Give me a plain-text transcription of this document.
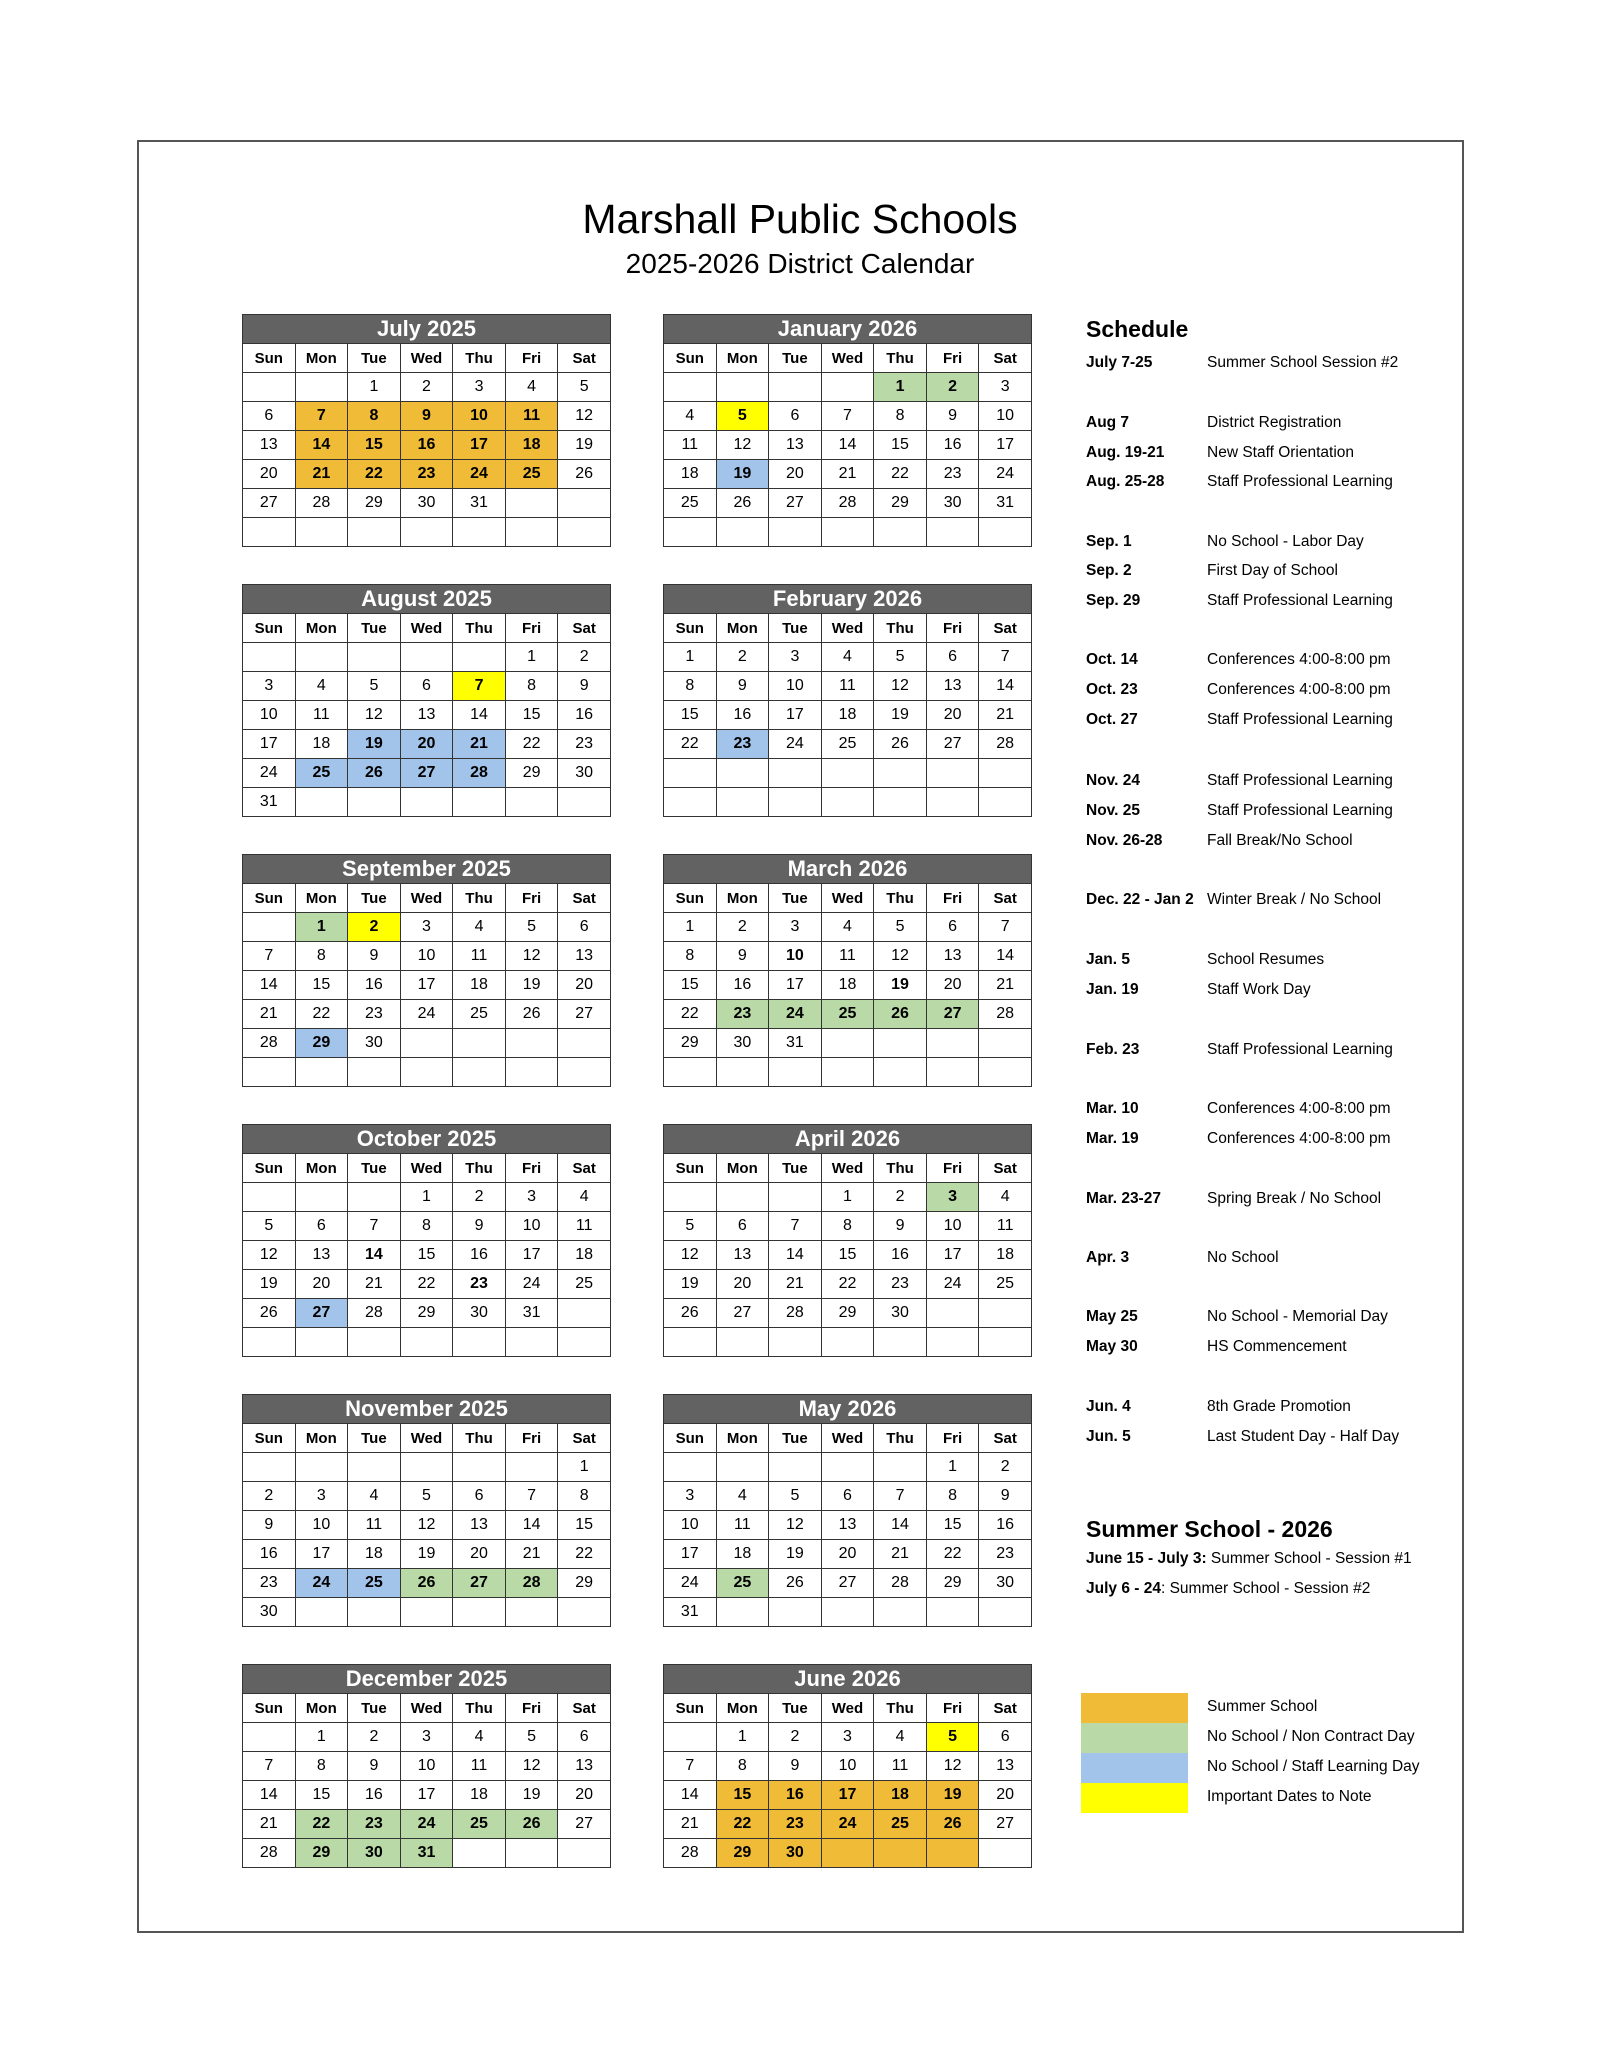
Marshall Public Schools
2025-2026 District Calendar
July 2025						
Sun	Mon	Tue	Wed	Thu	Fri	Sat
		1	2	3	4	5
6	7	8	9	10	11	12
13	14	15	16	17	18	19
20	21	22	23	24	25	26
27	28	29	30	31		

August 2025						
Sun	Mon	Tue	Wed	Thu	Fri	Sat
					1	2
3	4	5	6	7	8	9
10	11	12	13	14	15	16
17	18	19	20	21	22	23
24	25	26	27	28	29	30
31						
September 2025						
Sun	Mon	Tue	Wed	Thu	Fri	Sat
	1	2	3	4	5	6
7	8	9	10	11	12	13
14	15	16	17	18	19	20
21	22	23	24	25	26	27
28	29	30				

October 2025						
Sun	Mon	Tue	Wed	Thu	Fri	Sat
			1	2	3	4
5	6	7	8	9	10	11
12	13	14	15	16	17	18
19	20	21	22	23	24	25
26	27	28	29	30	31	

November 2025						
Sun	Mon	Tue	Wed	Thu	Fri	Sat
						1
2	3	4	5	6	7	8
9	10	11	12	13	14	15
16	17	18	19	20	21	22
23	24	25	26	27	28	29
30						
December 2025						
Sun	Mon	Tue	Wed	Thu	Fri	Sat
	1	2	3	4	5	6
7	8	9	10	11	12	13
14	15	16	17	18	19	20
21	22	23	24	25	26	27
28	29	30	31			
January 2026						
Sun	Mon	Tue	Wed	Thu	Fri	Sat
				1	2	3
4	5	6	7	8	9	10
11	12	13	14	15	16	17
18	19	20	21	22	23	24
25	26	27	28	29	30	31

February 2026						
Sun	Mon	Tue	Wed	Thu	Fri	Sat
1	2	3	4	5	6	7
8	9	10	11	12	13	14
15	16	17	18	19	20	21
22	23	24	25	26	27	28

March 2026						
Sun	Mon	Tue	Wed	Thu	Fri	Sat
1	2	3	4	5	6	7
8	9	10	11	12	13	14
15	16	17	18	19	20	21
22	23	24	25	26	27	28
29	30	31				

April 2026						
Sun	Mon	Tue	Wed	Thu	Fri	Sat
			1	2	3	4
5	6	7	8	9	10	11
12	13	14	15	16	17	18
19	20	21	22	23	24	25
26	27	28	29	30		

May 2026						
Sun	Mon	Tue	Wed	Thu	Fri	Sat
					1	2
3	4	5	6	7	8	9
10	11	12	13	14	15	16
17	18	19	20	21	22	23
24	25	26	27	28	29	30
31						
June 2026						
Sun	Mon	Tue	Wed	Thu	Fri	Sat
	1	2	3	4	5	6
7	8	9	10	11	12	13
14	15	16	17	18	19	20
21	22	23	24	25	26	27
28	29	30				
Schedule
July 7-25	Summer School Session #2
Aug 7	District Registration
Aug. 19-21	New Staff Orientation
Aug. 25-28	Staff Professional Learning
Sep. 1	No School - Labor Day
Sep. 2	First Day of School
Sep. 29	Staff Professional Learning
Oct. 14	Conferences 4:00-8:00 pm
Oct. 23	Conferences 4:00-8:00 pm
Oct. 27	Staff Professional Learning
Nov. 24	Staff Professional Learning
Nov. 25	Staff Professional Learning
Nov. 26-28	Fall Break/No School
Dec. 22 - Jan 2 Winter Break / No School
Jan. 5	School Resumes
Jan. 19	Staff Work Day
Feb. 23	Staff Professional Learning
Mar. 10	Conferences 4:00-8:00 pm
Mar. 19	Conferences 4:00-8:00 pm
Mar. 23-27	Spring Break / No School
Apr. 3	No School
May 25	No School - Memorial Day
May 30	HS Commencement
Jun. 4	8th Grade Promotion
Jun. 5	Last Student Day - Half Day
Summer School - 2026
June 15 - July 3: Summer School - Session #1
July 6 - 24: Summer School - Session #2
Summer School
No School / Non Contract Day
No School / Staff Learning Day
Important Dates to Note
